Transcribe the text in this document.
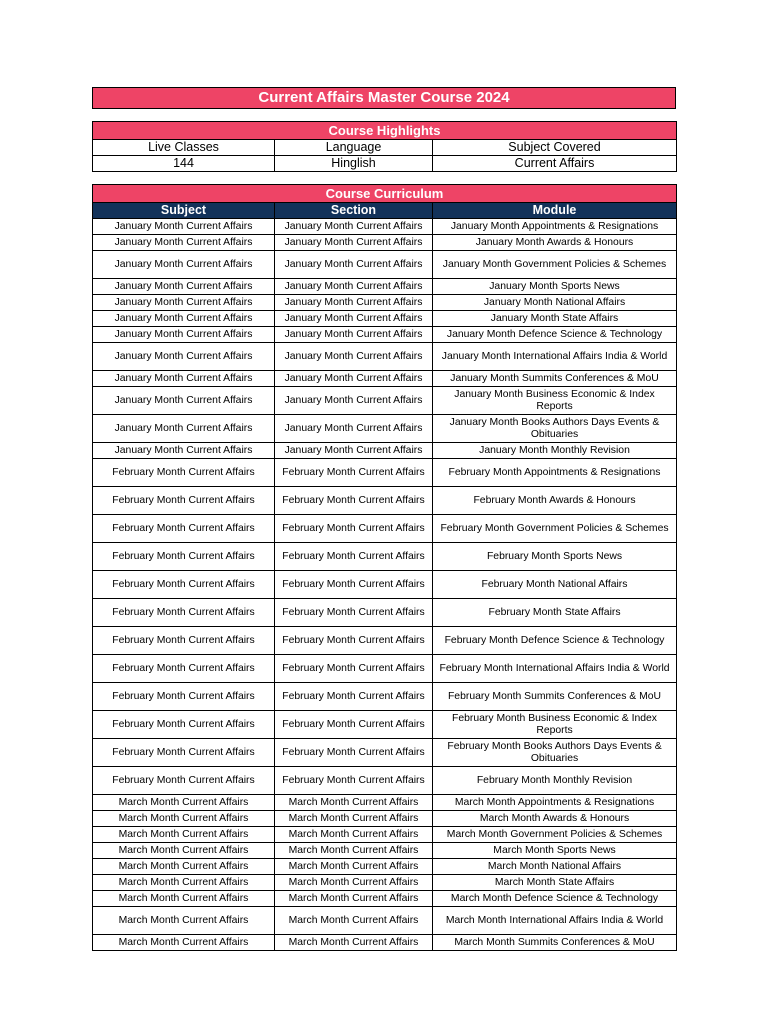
Current Affairs Master Course 2024
Course Highlights		
Live Classes	Language	Subject Covered
144	Hinglish	Current Affairs
Course Curriculum		
Subject	Section	Module
January Month Current Affairs	January Month Current Affairs	January Month Appointments & Resignations
January Month Current Affairs	January Month Current Affairs	January Month Awards & Honours
January Month Current Affairs	January Month Current Affairs	January Month Government Policies & Schemes
January Month Current Affairs	January Month Current Affairs	January Month Sports News
January Month Current Affairs	January Month Current Affairs	January Month National Affairs
January Month Current Affairs	January Month Current Affairs	January Month State Affairs
January Month Current Affairs	January Month Current Affairs	January Month Defence Science & Technology
January Month Current Affairs	January Month Current Affairs	January Month International Affairs India & World
January Month Current Affairs	January Month Current Affairs	January Month Summits Conferences & MoU
January Month Current Affairs	January Month Current Affairs	January Month Business Economic & Index Reports
January Month Current Affairs	January Month Current Affairs	January Month Books Authors Days Events & Obituaries
January Month Current Affairs	January Month Current Affairs	January Month Monthly Revision
February Month Current Affairs	February Month Current Affairs	February Month Appointments & Resignations
February Month Current Affairs	February Month Current Affairs	February Month Awards & Honours
February Month Current Affairs	February Month Current Affairs	February Month Government Policies & Schemes
February Month Current Affairs	February Month Current Affairs	February Month Sports News
February Month Current Affairs	February Month Current Affairs	February Month National Affairs
February Month Current Affairs	February Month Current Affairs	February Month State Affairs
February Month Current Affairs	February Month Current Affairs	February Month Defence Science & Technology
February Month Current Affairs	February Month Current Affairs	February Month International Affairs India & World
February Month Current Affairs	February Month Current Affairs	February Month Summits Conferences & MoU
February Month Current Affairs	February Month Current Affairs	February Month Business Economic & Index Reports
February Month Current Affairs	February Month Current Affairs	February Month Books Authors Days Events & Obituaries
February Month Current Affairs	February Month Current Affairs	February Month Monthly Revision
March Month Current Affairs	March Month Current Affairs	March Month Appointments & Resignations
March Month Current Affairs	March Month Current Affairs	March Month Awards & Honours
March Month Current Affairs	March Month Current Affairs	March Month Government Policies & Schemes
March Month Current Affairs	March Month Current Affairs	March Month Sports News
March Month Current Affairs	March Month Current Affairs	March Month National Affairs
March Month Current Affairs	March Month Current Affairs	March Month State Affairs
March Month Current Affairs	March Month Current Affairs	March Month Defence Science & Technology
March Month Current Affairs	March Month Current Affairs	March Month International Affairs India & World
March Month Current Affairs	March Month Current Affairs	March Month Summits Conferences & MoU
